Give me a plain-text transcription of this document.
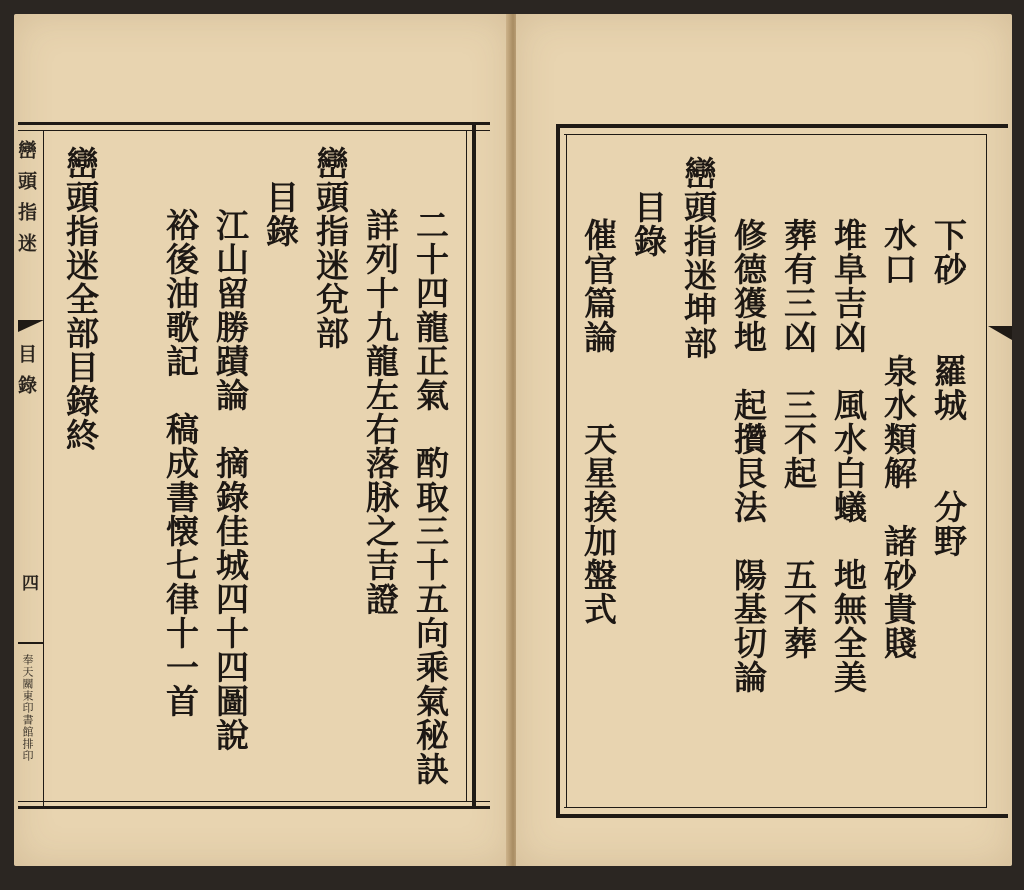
巒頭指迷
目錄
四
奉天關東印書館排印	二十四龍正氣　酌取三十五向乘氣秘訣
詳列十九龍左右落脉之吉證
巒頭指迷兌部
目錄
江山留勝蹟論　摘錄佳城四十四圖說
裕後油歌記　稿成書懐七律十一首
巒頭指迷全部目錄終	下砂　　羅城　　分野
水口　　泉水類解　諸砂貴賤
堆阜吉凶　風水白蟻　地無全美
葬有三凶　三不起　　五不葬
修德獲地　起攢艮法　陽基切論
巒頭指迷坤部
目錄
催官篇論　　天星挨加盤式
